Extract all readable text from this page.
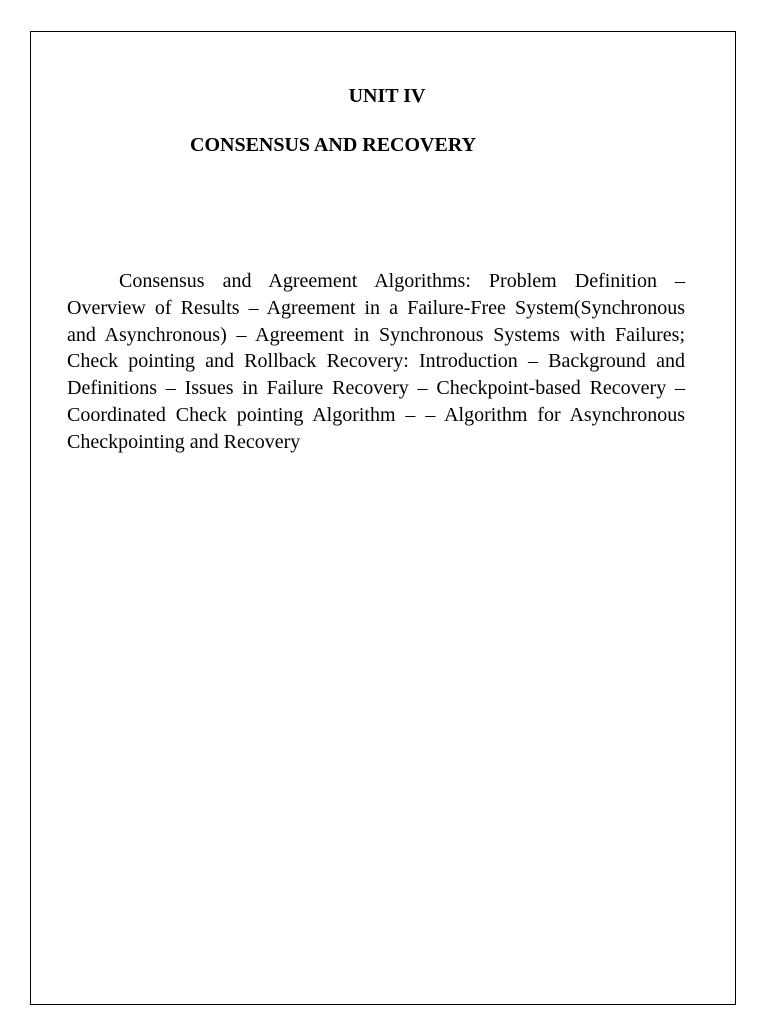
UNIT IV
CONSENSUS AND RECOVERY

Consensus and Agreement Algorithms: Problem Definition – Overview of Results – Agreement in a Failure-Free System(Synchronous and Asynchronous) – Agreement in Synchronous Systems with Failures; Check pointing and Rollback Recovery: Introduction – Background and Definitions – Issues in Failure Recovery – Checkpoint-based Recovery – Coordinated Check pointing Algorithm – – Algorithm for Asynchronous Checkpointing and Recovery
